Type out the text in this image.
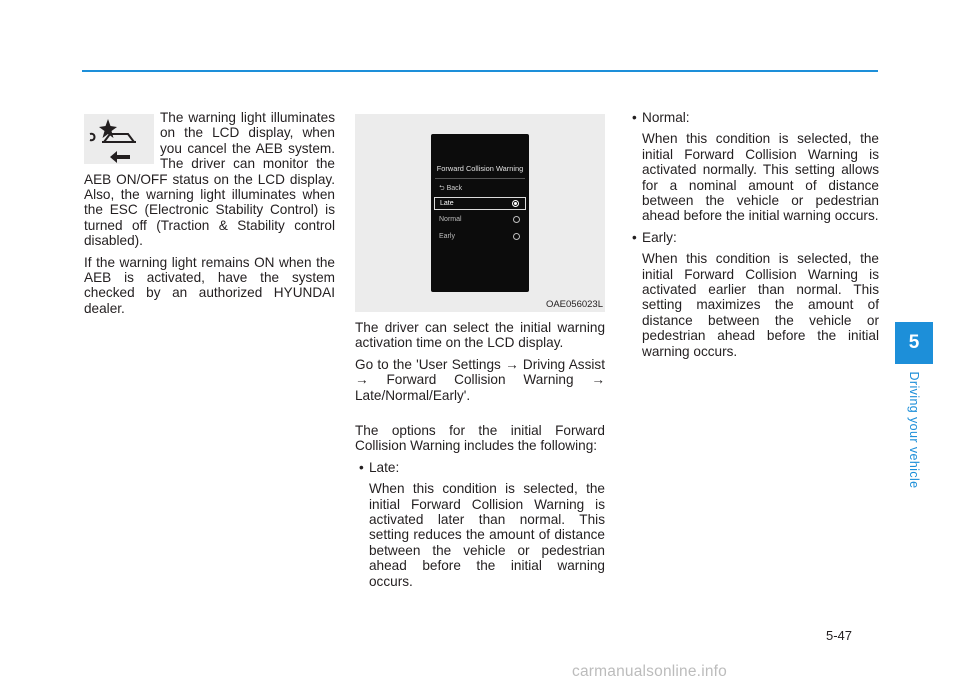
The warning light illuminates on the LCD display, when you cancel the AEB system. The driver can monitor the AEB ON/OFF status on the LCD display. Also, the warning light illuminates when the ESC (Electronic Stability Control) is turned off (Traction & Stability control disabled).

If the warning light remains ON when the AEB is activated, have the system checked by an authorized HYUNDAI dealer.

Forward Collision Warning
⮌ Back
Late
Normal
Early
OAE056023L

The driver can select the initial warning activation time on the LCD display.

Go to the 'User Settings → Driving Assist → Forward Collision Warning → Late/Normal/Early'.

The options for the initial Forward Collision Warning includes the following:

• Late:

When this condition is selected, the initial Forward Collision Warning is activated later than normal. This setting reduces the amount of distance between the vehicle or pedestrian ahead before the initial warning occurs.

• Normal:

When this condition is selected, the initial Forward Collision Warning is activated normally. This setting allows for a nominal amount of distance between the vehicle or pedestrian ahead before the initial warning occurs.

• Early:

When this condition is selected, the initial Forward Collision Warning is activated earlier than normal. This setting maximizes the amount of distance between the vehicle or pedestrian ahead before the initial warning occurs.	5
Driving your vehicle
5-47
carmanualsonline.info
